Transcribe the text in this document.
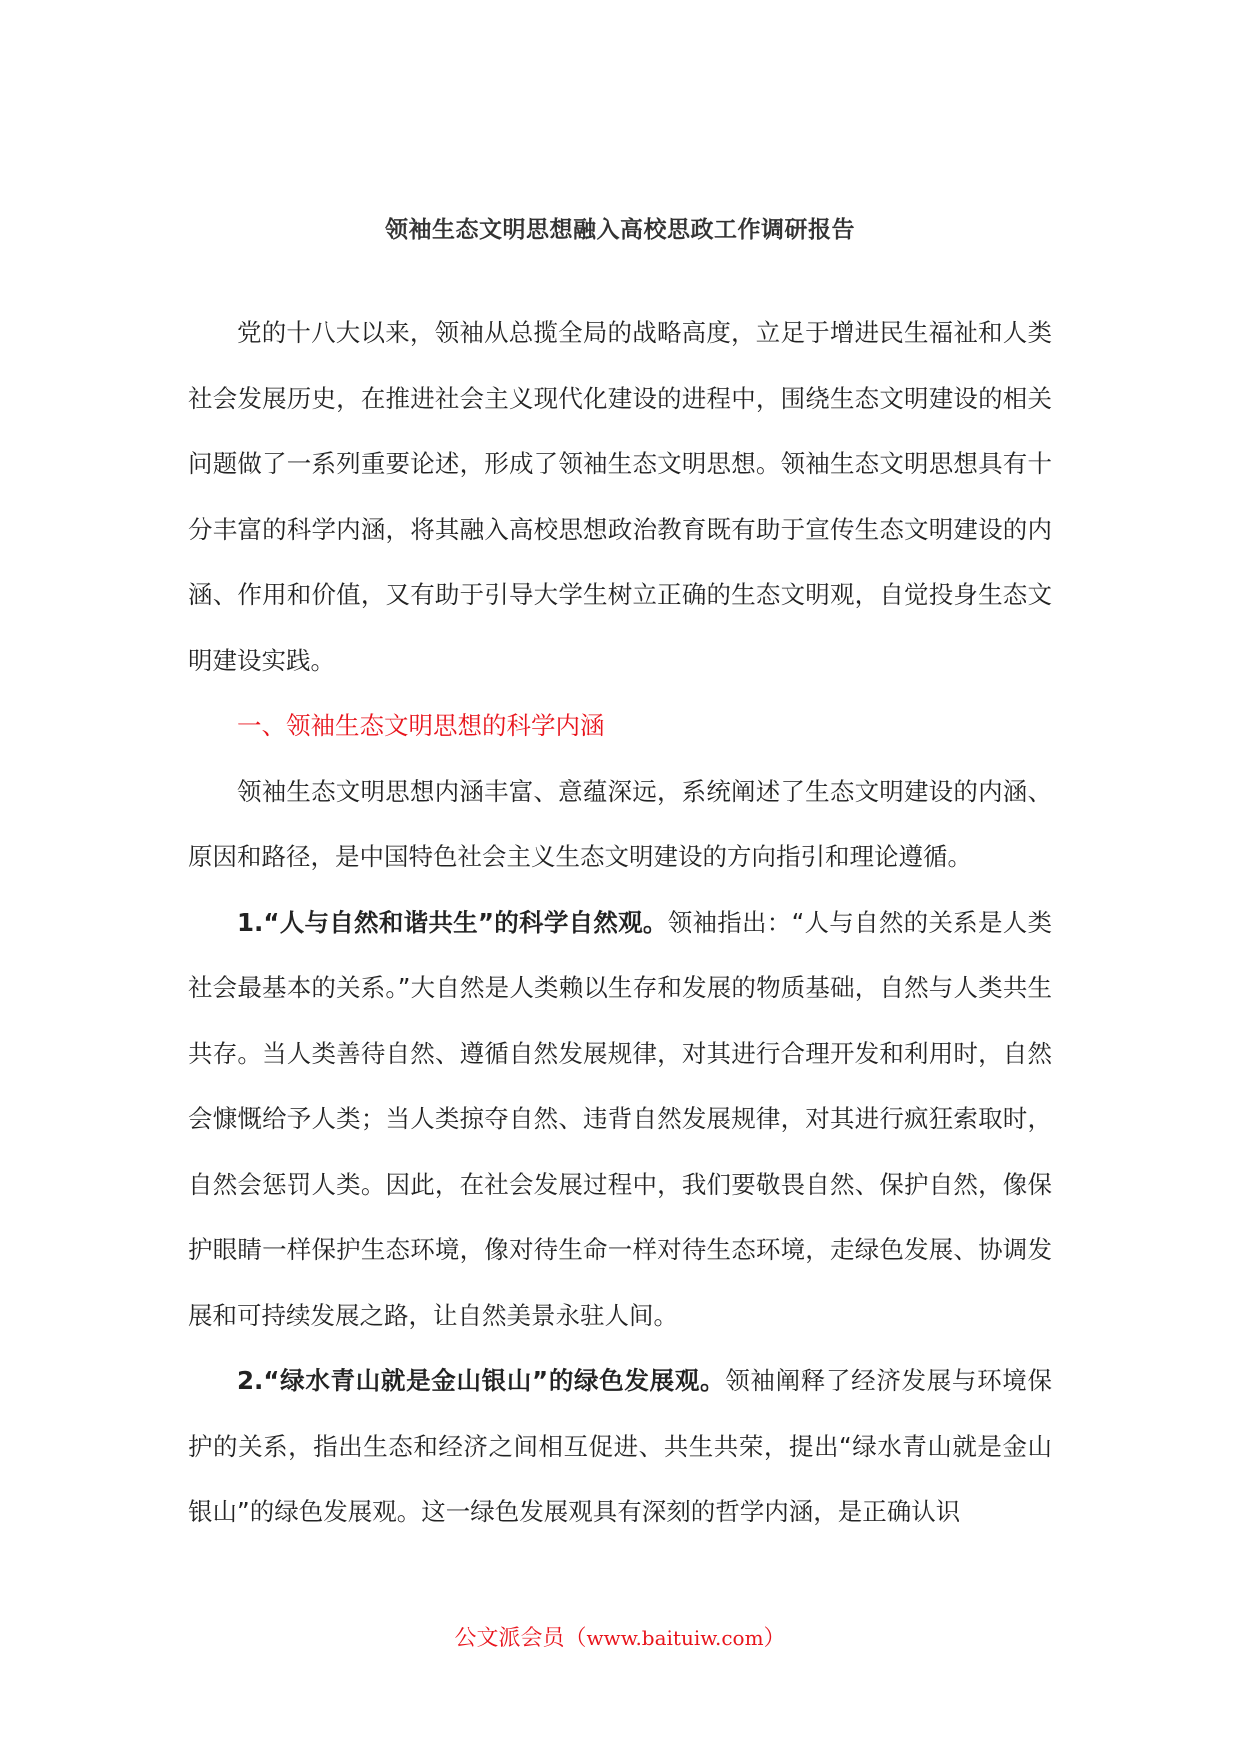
领袖生态文明思想融入高校思政工作调研报告

党的十八大以来，领袖从总揽全局的战略高度，立足于增进民生福祉和人类社会发展历史，在推进社会主义现代化建设的进程中，围绕生态文明建设的相关问题做了一系列重要论述，形成了领袖生态文明思想。领袖生态文明思想具有十分丰富的科学内涵，将其融入高校思想政治教育既有助于宣传生态文明建设的内涵、作用和价值，又有助于引导大学生树立正确的生态文明观，自觉投身生态文明建设实践。

一、领袖生态文明思想的科学内涵

领袖生态文明思想内涵丰富、意蕴深远，系统阐述了生态文明建设的内涵、原因和路径，是中国特色社会主义生态文明建设的方向指引和理论遵循。

1.“人与自然和谐共生”的科学自然观。领袖指出：“人与自然的关系是人类社会最基本的关系。”大自然是人类赖以生存和发展的物质基础，自然与人类共生共存。当人类善待自然、遵循自然发展规律，对其进行合理开发和利用时，自然会慷慨给予人类；当人类掠夺自然、违背自然发展规律，对其进行疯狂索取时，自然会惩罚人类。因此，在社会发展过程中，我们要敬畏自然、保护自然，像保护眼睛一样保护生态环境，像对待生命一样对待生态环境，走绿色发展、协调发展和可持续发展之路，让自然美景永驻人间。

2.“绿水青山就是金山银山”的绿色发展观。领袖阐释了经济发展与环境保护的关系，指出生态和经济之间相互促进、共生共荣，提出“绿水青山就是金山银山”的绿色发展观。这一绿色发展观具有深刻的哲学内涵，是正确认识

公文派会员（www.baituiw.com）
